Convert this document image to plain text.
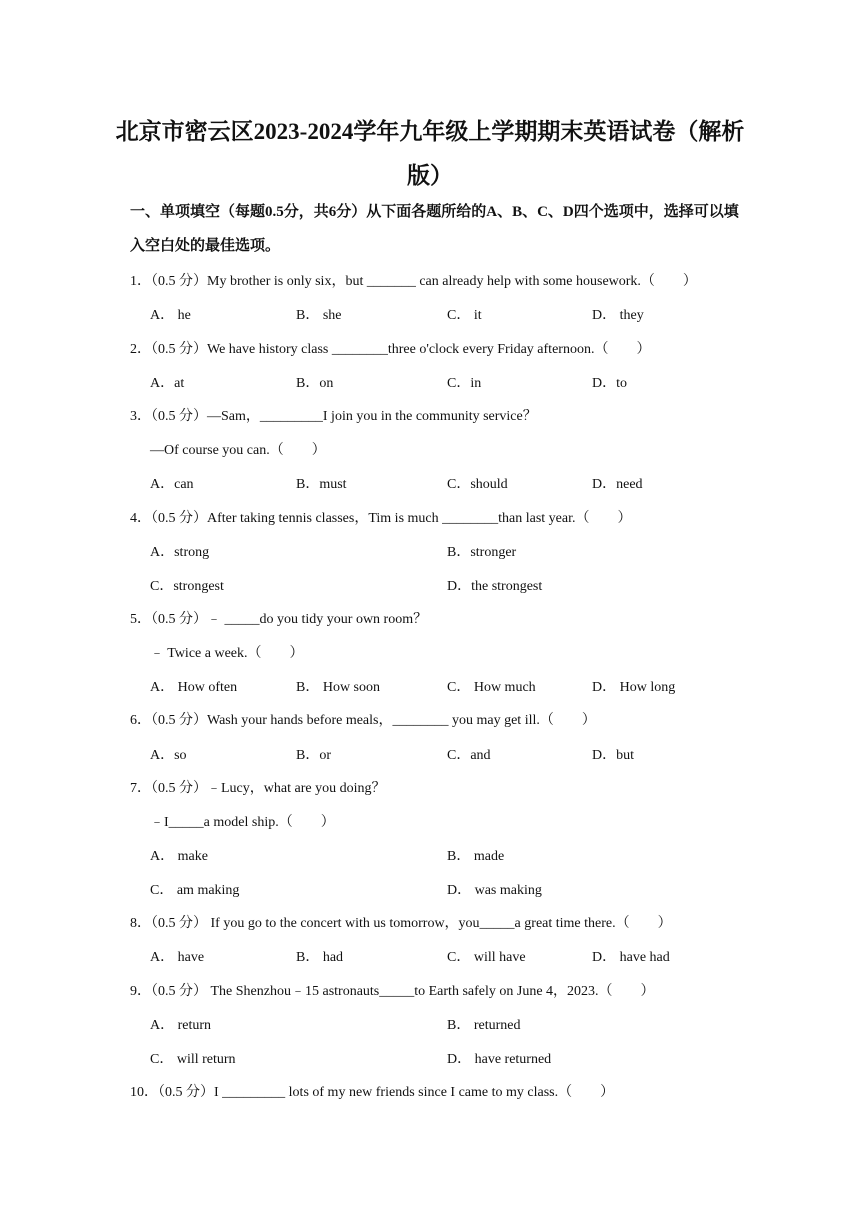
北京市密云区2023-2024学年九年级上学期期末英语试卷（解析
版）
一、单项填空（每题0.5分，共6分）从下面各题所给的A、B、C、D四个选项中，选择可以填入空白处的最佳选项。
1．（0.5 分）My brother is only six，but _______ can already help with some housework.（　　）
A． he	B． she	C． it	D． they
2．（0.5 分）We have history class ________three o'clock every Friday afternoon.（　　）
A．at	B．on	C．in	D．to
3．（0.5 分）—Sam，_________I join you in the community service？
—Of course you can.（　　）
A．can	B．must	C．should	D．need
4．（0.5 分）After taking tennis classes，Tim is much ________than last year.（　　）
A．strong	B．stronger
C．strongest	D．the strongest
5．（0.5 分）﹣ _____do you tidy your own room？
﹣ Twice a week.（　　）
A． How often	B． How soon	C． How much	D． How long
6．（0.5 分）Wash your hands before meals，________ you may get ill.（　　）
A．so	B．or	C．and	D．but
7．（0.5 分）﹣Lucy，what are you doing？
﹣I_____a model ship.（　　）
A． make	B． made
C． am making	D． was making
8．（0.5 分） If you go to the concert with us tomorrow，you_____a great time there.（　　）
A． have	B． had	C． will have	D． have had
9．（0.5 分） The Shenzhou﹣15 astronauts_____to Earth safely on June 4，2023.（　　）
A． return	B． returned
C． will return	D． have returned
10．（0.5 分）I _________ lots of my new friends since I came to my class.（　　）
